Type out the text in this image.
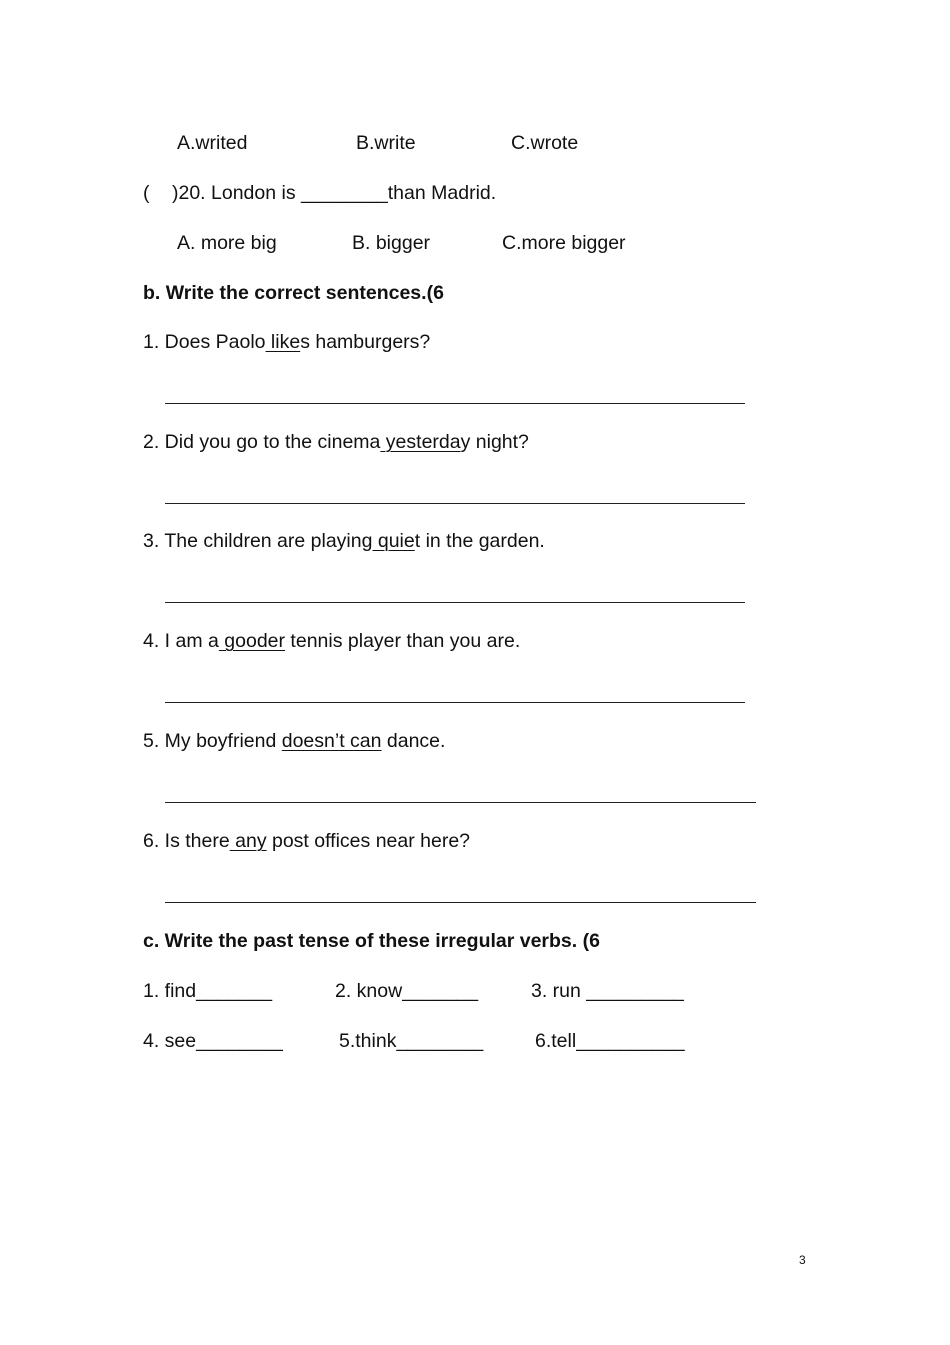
A.writed	B.write	C.wrote
( )20. London is ________than Madrid.
A. more big	B. bigger	C.more bigger
b. Write the correct sentences.(6
1. Does Paolo likes hamburgers?
2. Did you go to the cinema yesterday night?
3. The children are playing quiet in the garden.
4. I am a gooder tennis player than you are.
5. My boyfriend doesn’t can dance.
6. Is there any post offices near here?
c. Write the past tense of these irregular verbs. (6
1. find_______	2. know_______	3. run _________
4. see________	5.think________	6.tell__________
3
